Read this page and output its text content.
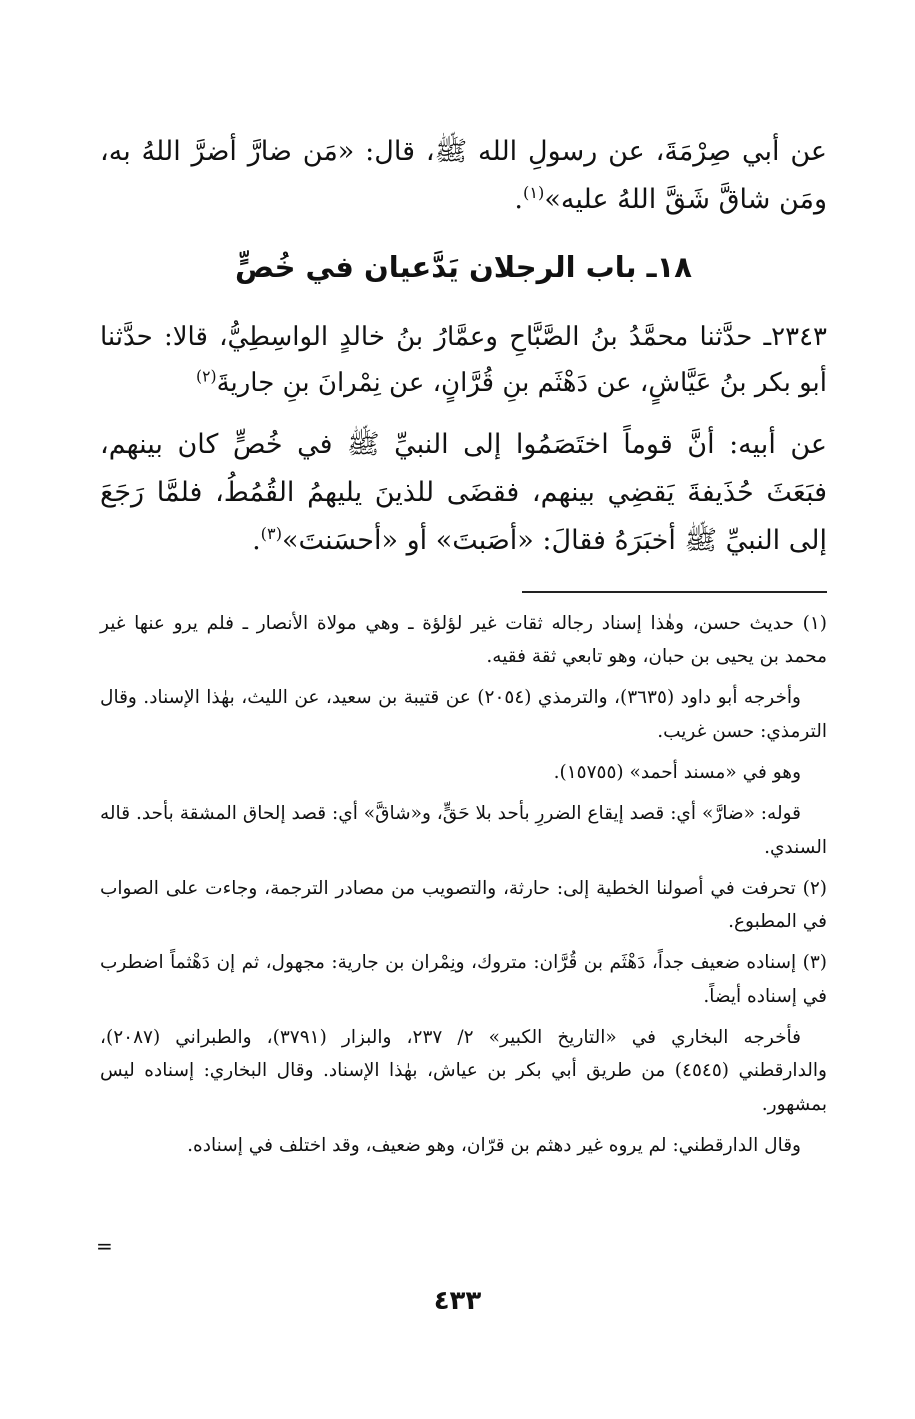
عن أبي صِرْمَةَ، عن رسولِ الله ﷺ، قال: «مَن ضارَّ أضرَّ اللهُ به، ومَن شاقَّ شَقَّ اللهُ عليه»$^{(١)}$.

١٨ـ باب الرجلان يَدَّعيان في خُصٍّ

٢٣٤٣ـ حدَّثنا محمَّدُ بنُ الصَّبَّاحِ وعمَّارُ بنُ خالدٍ الواسِطِيُّ، قالا: حدَّثنا أبو بكر بنُ عَيَّاشٍ، عن دَهْثَم بنِ قُرَّانٍ، عن نِمْرانَ بنِ جاريةَ$^{(٢)}$

عن أبيه: أنَّ قوماً اختَصَمُوا إلى النبيِّ ﷺ في خُصٍّ كان بينهم، فبَعَثَ حُذَيفةَ يَقضِي بينهم، فقضَى للذينَ يليهمُ القُمُطُ، فلمَّا رَجَعَ إلى النبيِّ ﷺ أخبَرَهُ فقالَ: «أصَبتَ» أو «أحسَنتَ»$^{(٣)}$.

(١) حديث حسن، وهٰذا إسناد رجاله ثقات غير لؤلؤة ـ وهي مولاة الأنصار ـ فلم يرو عنها غير محمد بن يحيى بن حبان، وهو تابعي ثقة فقيه.

وأخرجه أبو داود (٣٦٣٥)، والترمذي (٢٠٥٤) عن قتيبة بن سعيد، عن الليث، بهٰذا الإسناد. وقال الترمذي: حسن غريب.

وهو في «مسند أحمد» (١٥٧٥٥).

قوله: «ضارَّ» أي: قصد إيقاع الضررِ بأحد بلا حَقٍّ، و«شاقَّ» أي: قصد إلحاق المشقة بأحد. قاله السندي.

(٢) تحرفت في أصولنا الخطية إلى: حارثة، والتصويب من مصادر الترجمة، وجاءت على الصواب في المطبوع.

(٣) إسناده ضعيف جداً، دَهْثَم بن قُرَّان: متروك، ونِمْران بن جارية: مجهول، ثم إن دَهْثماً اضطرب في إسناده أيضاً.

فأخرجه البخاري في «التاريخ الكبير» ٢/ ٢٣٧، والبزار (٣٧٩١)، والطبراني (٢٠٨٧)، والدارقطني (٤٥٤٥) من طريق أبي بكر بن عياش، بهٰذا الإسناد. وقال البخاري: إسناده ليس بمشهور.

وقال الدارقطني: لم يروه غير دهثم بن قرّان، وهو ضعيف، وقد اختلف في إسناده.

=
٤٣٣
